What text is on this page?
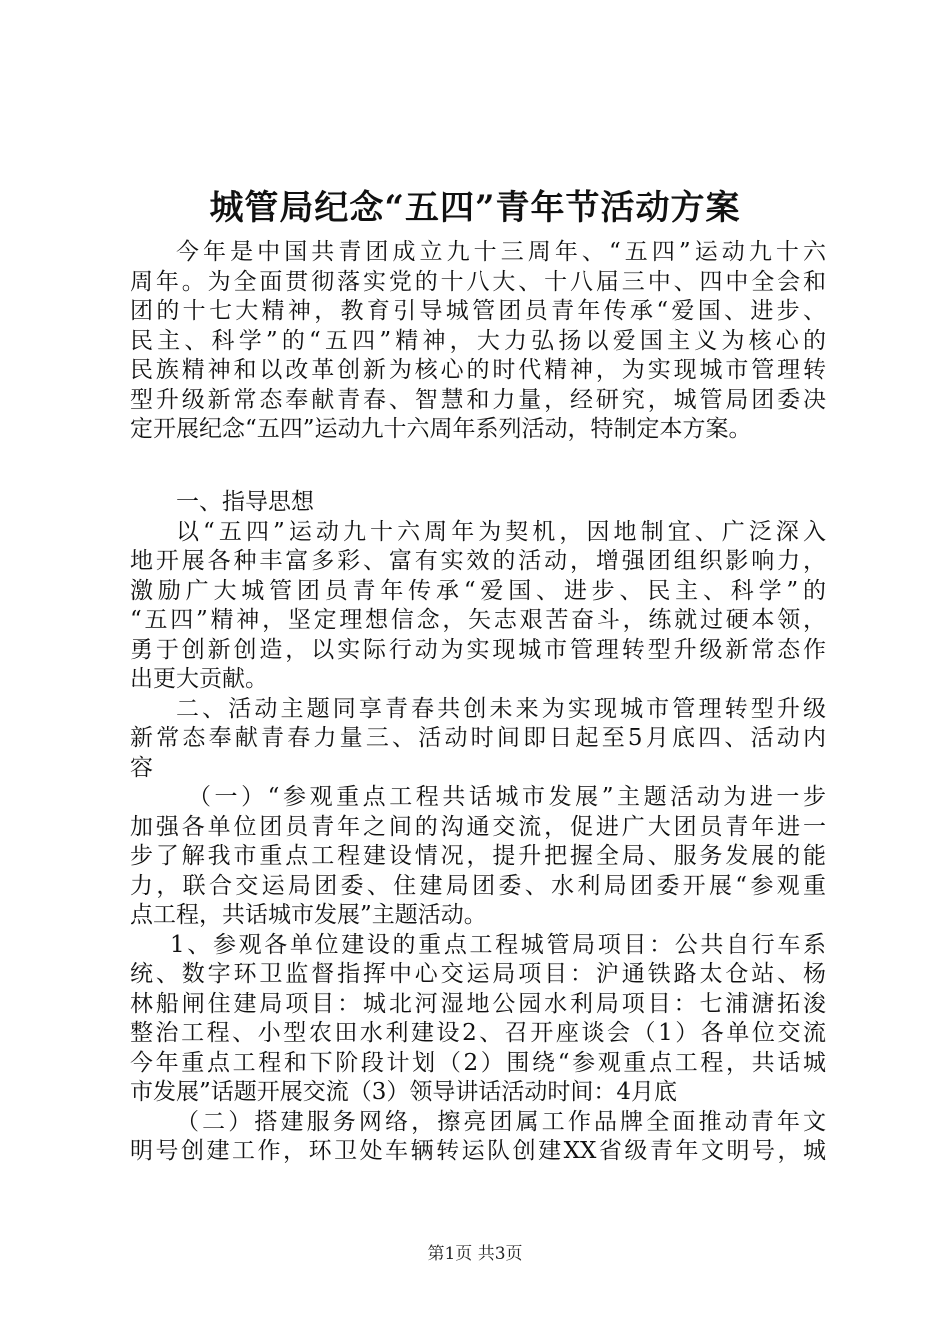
城管局纪念“五四”青年节活动方案
今年是中国共青团成立九十三周年、“五四”运动九十六
周年。为全面贯彻落实党的十八大、十八届三中、四中全会和
团的十七大精神，教育引导城管团员青年传承“爱国、进步、
民主、科学”的“五四”精神，大力弘扬以爱国主义为核心的
民族精神和以改革创新为核心的时代精神，为实现城市管理转
型升级新常态奉献青春、智慧和力量，经研究，城管局团委决
定开展纪念“五四”运动九十六周年系列活动，特制定本方案。
一、指导思想
以“五四”运动九十六周年为契机，因地制宜、广泛深入
地开展各种丰富多彩、富有实效的活动，增强团组织影响力，
激励广大城管团员青年传承“爱国、进步、民主、科学”的
“五四”精神，坚定理想信念，矢志艰苦奋斗，练就过硬本领，
勇于创新创造，以实际行动为实现城市管理转型升级新常态作
出更大贡献。
二、活动主题同享青春共创未来为实现城市管理转型升级
新常态奉献青春力量三、活动时间即日起至5月底四、活动内
容
（一）“参观重点工程共话城市发展”主题活动为进一步
加强各单位团员青年之间的沟通交流，促进广大团员青年进一
步了解我市重点工程建设情况，提升把握全局、服务发展的能
力，联合交运局团委、住建局团委、水利局团委开展“参观重
点工程，共话城市发展”主题活动。
1、参观各单位建设的重点工程城管局项目：公共自行车系
统、数字环卫监督指挥中心交运局项目：沪通铁路太仓站、杨
林船闸住建局项目：城北河湿地公园水利局项目：七浦溏拓浚
整治工程、小型农田水利建设2、召开座谈会（1）各单位交流
今年重点工程和下阶段计划（2）围绕“参观重点工程，共话城
市发展”话题开展交流（3）领导讲话活动时间：4月底
（二）搭建服务网络，擦亮团属工作品牌全面推动青年文
明号创建工作，环卫处车辆转运队创建XX省级青年文明号，城
第1页 共3页
